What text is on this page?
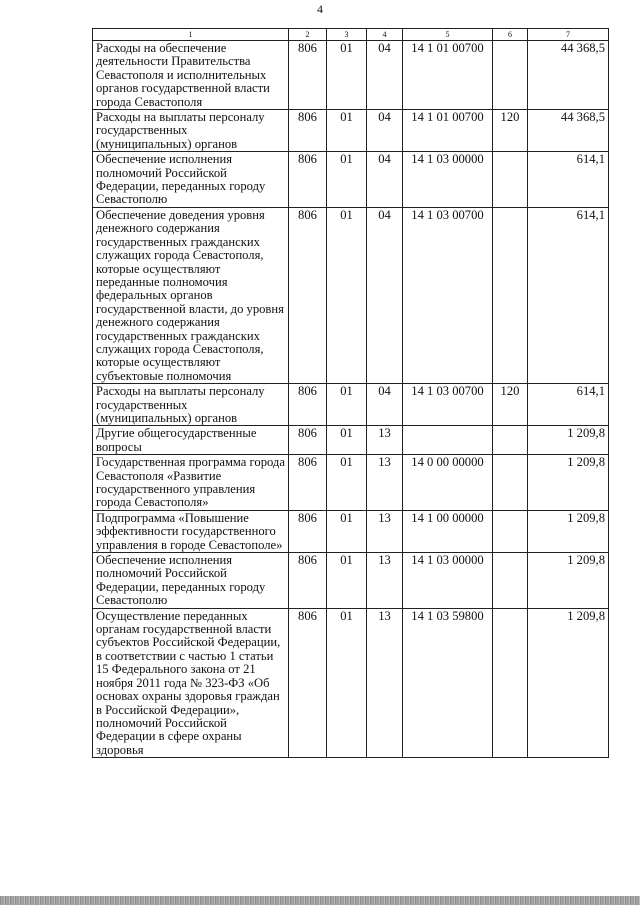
4
1	2	3	4	5	6	7
Расходы на обеспечение деятельности Правительства Севастополя и исполнительных органов государственной власти города Севастополя	806	01	04	14 1 01 00700		44 368,5
Расходы на выплаты персоналу государственных (муниципальных) органов	806	01	04	14 1 01 00700	120	44 368,5
Обеспечение исполнения полномочий Российской Федерации, переданных городу Севастополю	806	01	04	14 1 03 00000		614,1
Обеспечение доведения уровня денежного содержания государственных гражданских служащих города Севастополя, которые осуществляют переданные полномочия федеральных органов государственной власти, до уровня денежного содержания государственных гражданских служащих города Севастополя, которые осуществляют субъектовые полномочия	806	01	04	14 1 03 00700		614,1
Расходы на выплаты персоналу государственных (муниципальных) органов	806	01	04	14 1 03 00700	120	614,1
Другие общегосударственные вопросы	806	01	13			1 209,8
Государственная программа города Севастополя «Развитие государственного управления города Севастополя»	806	01	13	14 0 00 00000		1 209,8
Подпрограмма «Повышение эффективности государственного управления в городе Севастополе»	806	01	13	14 1 00 00000		1 209,8
Обеспечение исполнения полномочий Российской Федерации, переданных городу Севастополю	806	01	13	14 1 03 00000		1 209,8
Осуществление переданных органам государственной власти субъектов Российской Федерации, в соответствии с частью 1 статьи 15 Федерального закона от 21 ноября 2011 года № 323-ФЗ «Об основах охраны здоровья граждан в Российской Федерации», полномочий Российской Федерации в сфере охраны здоровья	806	01	13	14 1 03 59800		1 209,8
